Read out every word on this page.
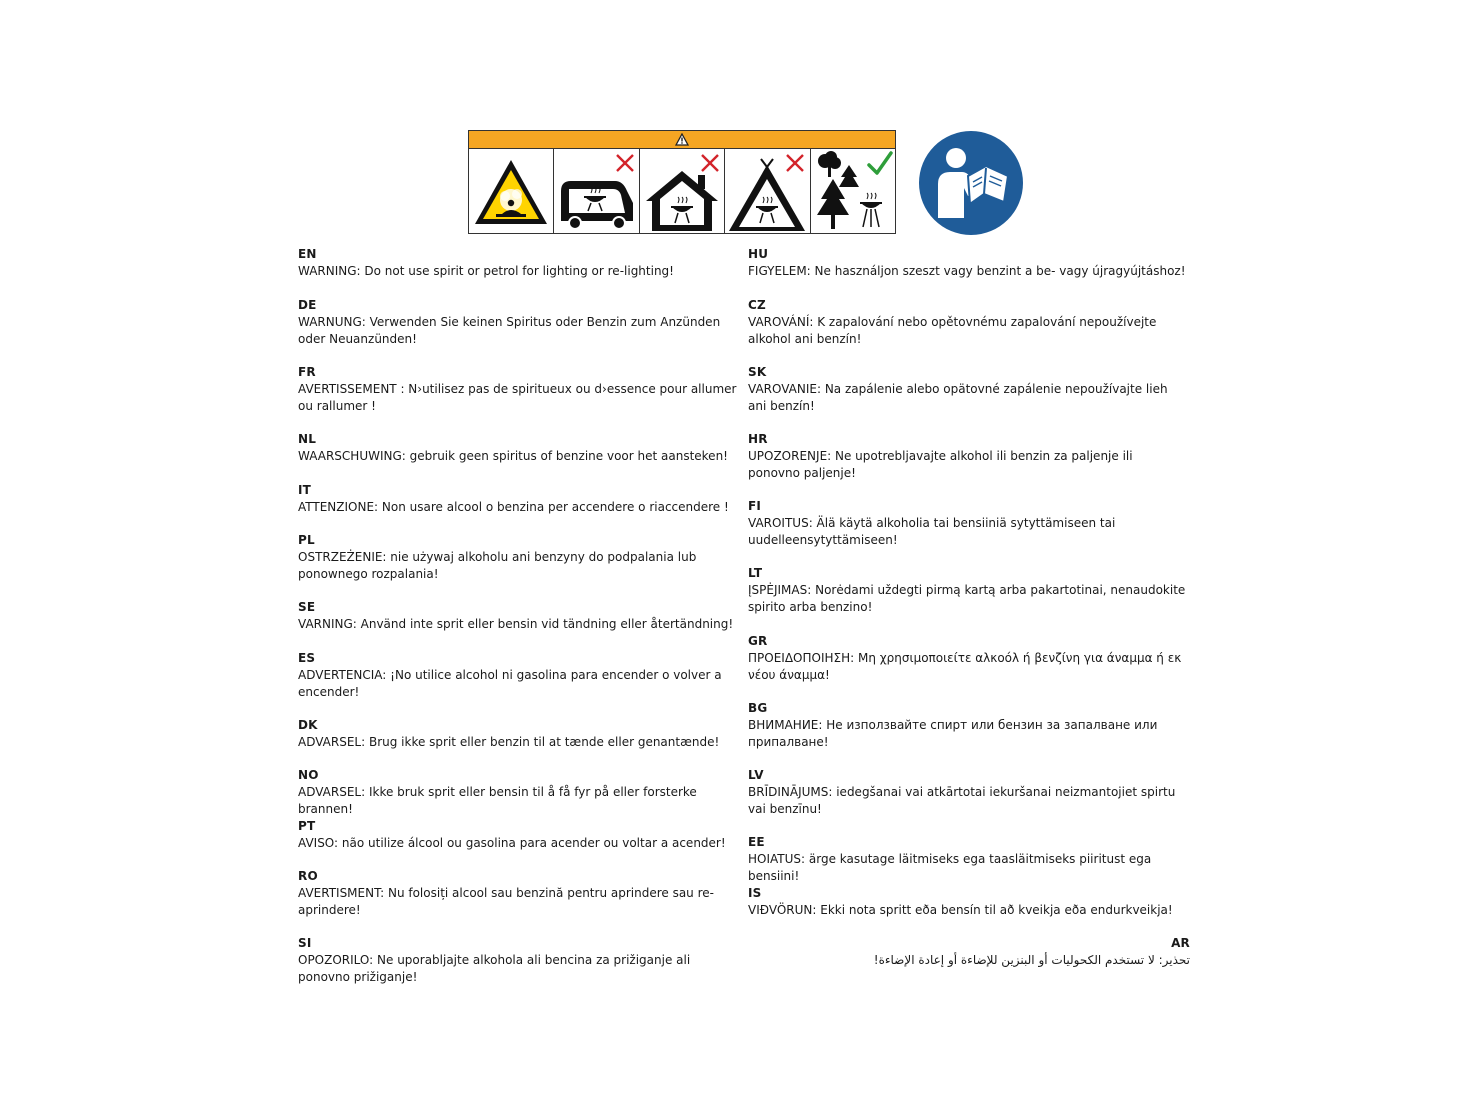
EN
WARNING: Do not use spirit or petrol for lighting or re-lighting!
DE
WARNUNG: Verwenden Sie keinen Spiritus oder Benzin zum Anzünden oder Neuanzünden!
FR
AVERTISSEMENT : N›utilisez pas de spiritueux ou d›essence pour allumer ou rallumer !
NL
WAARSCHUWING: gebruik geen spiritus of benzine voor het aansteken!
IT
ATTENZIONE: Non usare alcool o benzina per accendere o riaccendere !
PL
OSTRZEŻENIE: nie używaj alkoholu ani benzyny do podpalania lub ponownego rozpalania!
SE
VARNING: Använd inte sprit eller bensin vid tändning eller återtändning!
ES
ADVERTENCIA: ¡No utilice alcohol ni gasolina para encender o volver a encender!
DK
ADVARSEL: Brug ikke sprit eller benzin til at tænde eller genantænde!
NO
ADVARSEL: Ikke bruk sprit eller bensin til å få fyr på eller forsterke brannen!
PT
AVISO: não utilize álcool ou gasolina para acender ou voltar a acender!
RO
AVERTISMENT: Nu folosiți alcool sau benzină pentru aprindere sau re-aprindere!
SI
OPOZORILO: Ne uporabljajte alkohola ali bencina za prižiganje ali ponovno prižiganje!
HU
FIGYELEM: Ne használjon szeszt vagy benzint a be- vagy újragyújtáshoz!
CZ
VAROVÁNÍ: K zapalování nebo opětovnému zapalování nepoužívejte alkohol ani benzín!
SK
VAROVANIE: Na zapálenie alebo opätovné zapálenie nepoužívajte lieh ani benzín!
HR
UPOZORENJE: Ne upotrebljavajte alkohol ili benzin za paljenje ili ponovno paljenje!
FI
VAROITUS: Älä käytä alkoholia tai bensiiniä sytyttämiseen tai uudelleensytyttämiseen!
LT
ĮSPĖJIMAS: Norėdami uždegti pirmą kartą arba pakartotinai, nenaudokite spirito arba benzino!
GR
ΠΡΟΕΙΔΟΠΟΙΗΣΗ: Μη χρησιμοποιείτε αλκοόλ ή βενζίνη για άναμμα ή εκ νέου άναμμα!
BG
ВНИМАНИЕ: Не използвайте спирт или бензин за запалване или припалване!
LV
BRĪDINĀJUMS: iedegšanai vai atkārtotai iekuršanai neizmantojiet spirtu vai benzīnu!
EE
HOIATUS: ärge kasutage läitmiseks ega taasläitmiseks piiritust ega bensiini!
IS
VIÐVÖRUN: Ekki nota spritt eða bensín til að kveikja eða endurkveikja!
AR
تحذير: لا تستخدم الكحوليات أو البنزين للإضاءة أو إعادة الإضاءة!
